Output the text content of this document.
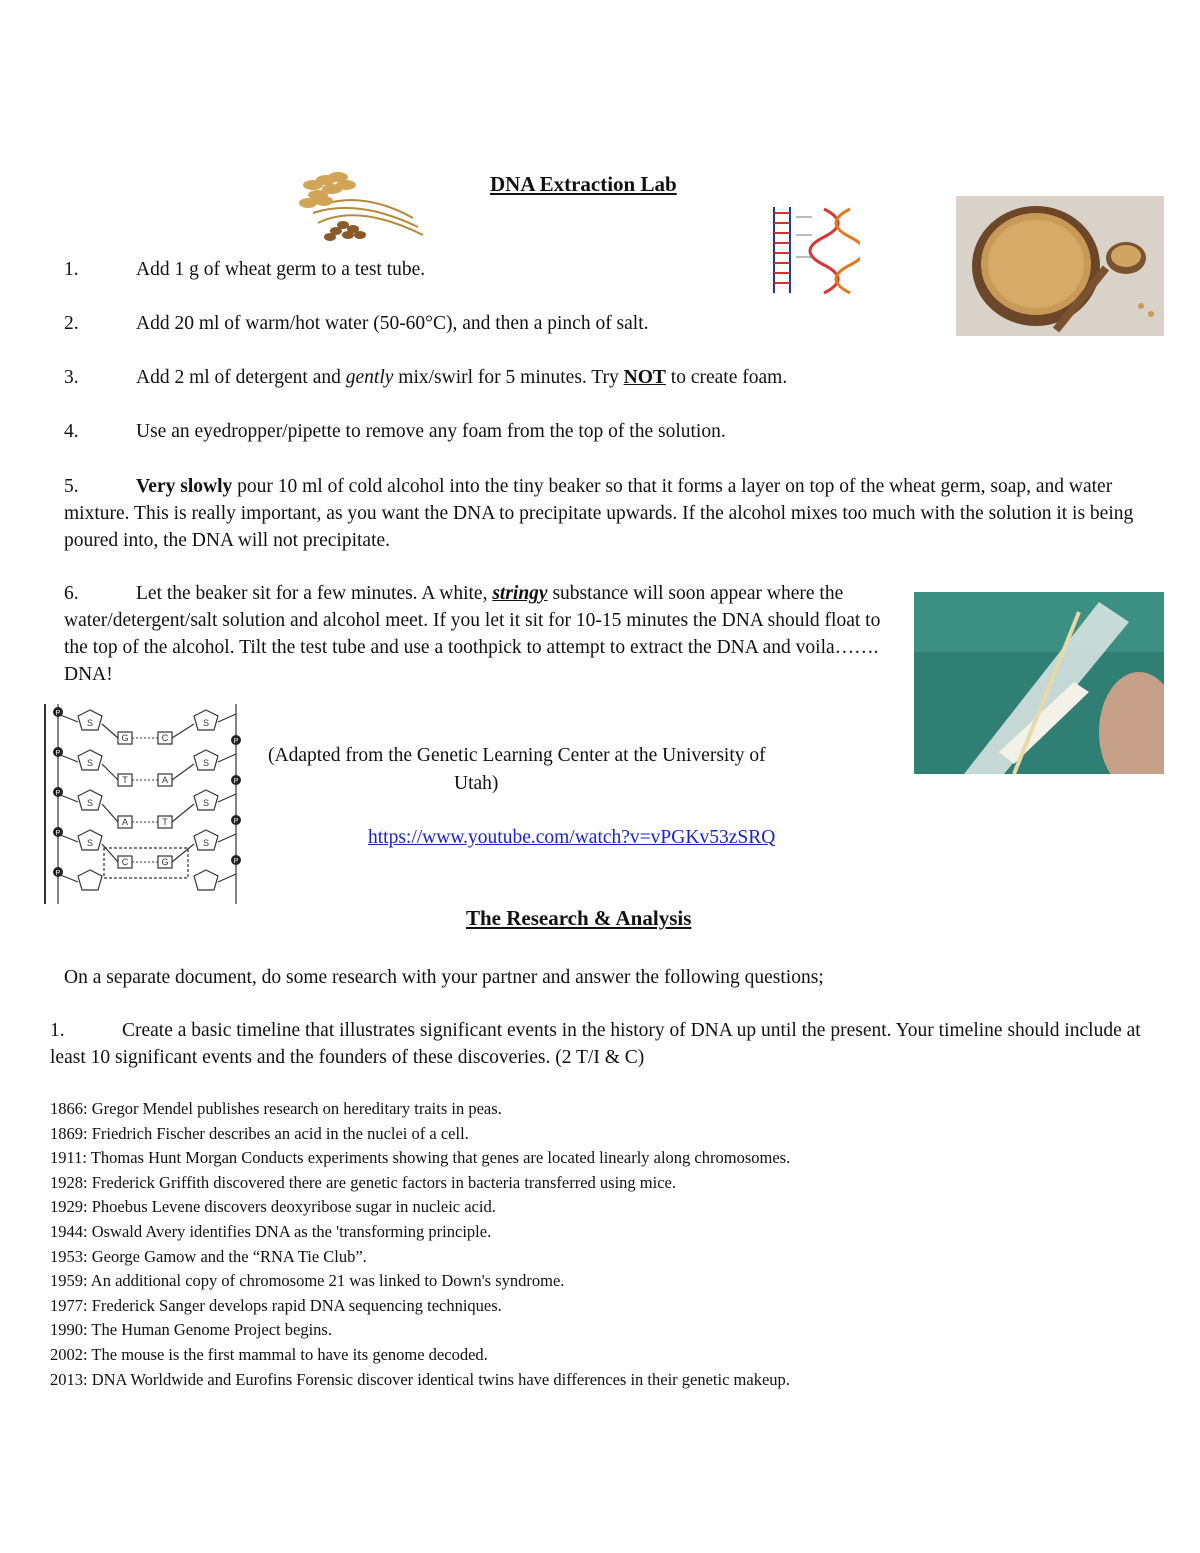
DNA Extraction Lab
1.	Add 1 g of wheat germ to a test tube.
2.	Add 20 ml of warm/hot water (50-60°C), and then a pinch of salt.
3.	Add 2 ml of detergent and gently mix/swirl for 5 minutes. Try NOT to create foam.
4.	Use an eyedropper/pipette to remove any foam from the top of the solution.
5.	Very slowly pour 10 ml of cold alcohol into the tiny beaker so that it forms a layer on top of the wheat germ, soap, and water mixture. This is really important, as you want the DNA to precipitate upwards. If the alcohol mixes too much with the solution it is being poured into, the DNA will not precipitate.
6.	Let the beaker sit for a few minutes. A white, stringy substance will soon appear where the water/detergent/salt solution and alcohol meet. If you let it sit for 10-15 minutes the DNA should float to the top of the alcohol. Tilt the test tube and use a toothpick to attempt to extract the DNA and voila……. DNA!
S
S
S
S
S
S
S
S
G	C
T	A
A	T
C	G
P
P
P
P
P
P
P
P
P
(Adapted from the Genetic Learning Center at the University of
Utah)
https://www.youtube.com/watch?v=vPGKv53zSRQ
The Research & Analysis
On a separate document, do some research with your partner and answer the following questions;
1.	Create a basic timeline that illustrates significant events in the history of DNA up until the present. Your timeline should include at least 10 significant events and the founders of these discoveries. (2 T/I & C)
1866: Gregor Mendel publishes research on hereditary traits in peas.
1869: Friedrich Fischer describes an acid in the nuclei of a cell.
1911: Thomas Hunt Morgan Conducts experiments showing that genes are located linearly along chromosomes.
1928: Frederick Griffith discovered there are genetic factors in bacteria transferred using mice.
1929: Phoebus Levene discovers deoxyribose sugar in nucleic acid.
1944: Oswald Avery identifies DNA as the 'transforming principle.
1953: George Gamow and the “RNA Tie Club”.
1959: An additional copy of chromosome 21 was linked to Down's syndrome.
1977: Frederick Sanger develops rapid DNA sequencing techniques.
1990: The Human Genome Project begins.
2002: The mouse is the first mammal to have its genome decoded.
2013: DNA Worldwide and Eurofins Forensic discover identical twins have differences in their genetic makeup.
